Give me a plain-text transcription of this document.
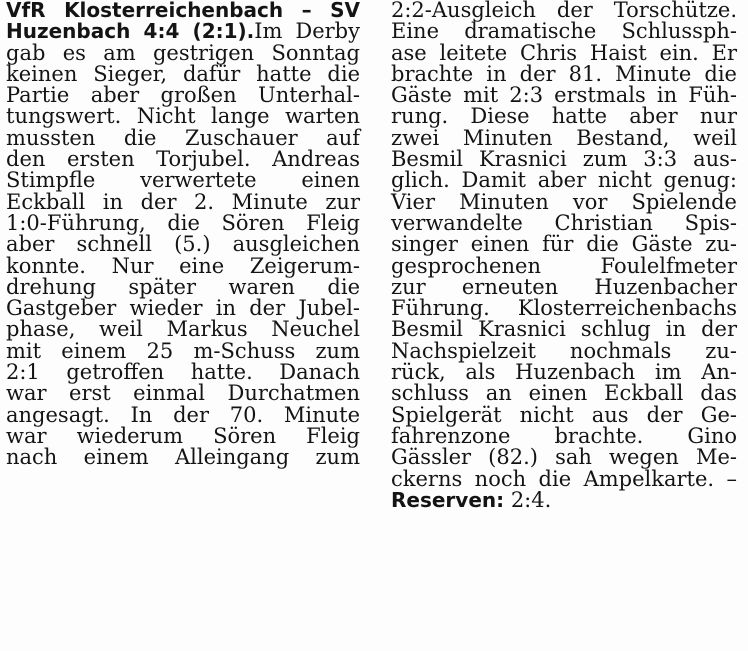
VfR Klosterreichenbach – SV
Huzenbach 4:4 (2:1).Im Derby
gab es am gestrigen Sonntag
keinen Sieger, dafür hatte die
Partie aber großen Unterhal-
tungswert. Nicht lange warten
mussten die Zuschauer auf
den ersten Torjubel. Andreas
Stimpfle verwertete einen
Eckball in der 2. Minute zur
1:0-Führung, die Sören Fleig
aber schnell (5.) ausgleichen
konnte. Nur eine Zeigerum-
drehung später waren die
Gastgeber wieder in der Jubel-
phase, weil Markus Neuchel
mit einem 25 m-Schuss zum
2:1 getroffen hatte. Danach
war erst einmal Durchatmen
angesagt. In der 70. Minute
war wiederum Sören Fleig
nach einem Alleingang zum
2:2-Ausgleich der Torschütze.
Eine dramatische Schlussph-
ase leitete Chris Haist ein. Er
brachte in der 81. Minute die
Gäste mit 2:3 erstmals in Füh-
rung. Diese hatte aber nur
zwei Minuten Bestand, weil
Besmil Krasnici zum 3:3 aus-
glich. Damit aber nicht genug:
Vier Minuten vor Spielende
verwandelte Christian Spis-
singer einen für die Gäste zu-
gesprochenen Foulelfmeter
zur erneuten Huzenbacher
Führung. Klosterreichenbachs
Besmil Krasnici schlug in der
Nachspielzeit nochmals zu-
rück, als Huzenbach im An-
schluss an einen Eckball das
Spielgerät nicht aus der Ge-
fahrenzone brachte. Gino
Gässler (82.) sah wegen Me-
ckerns noch die Ampelkarte. –
Reserven: 2:4.
